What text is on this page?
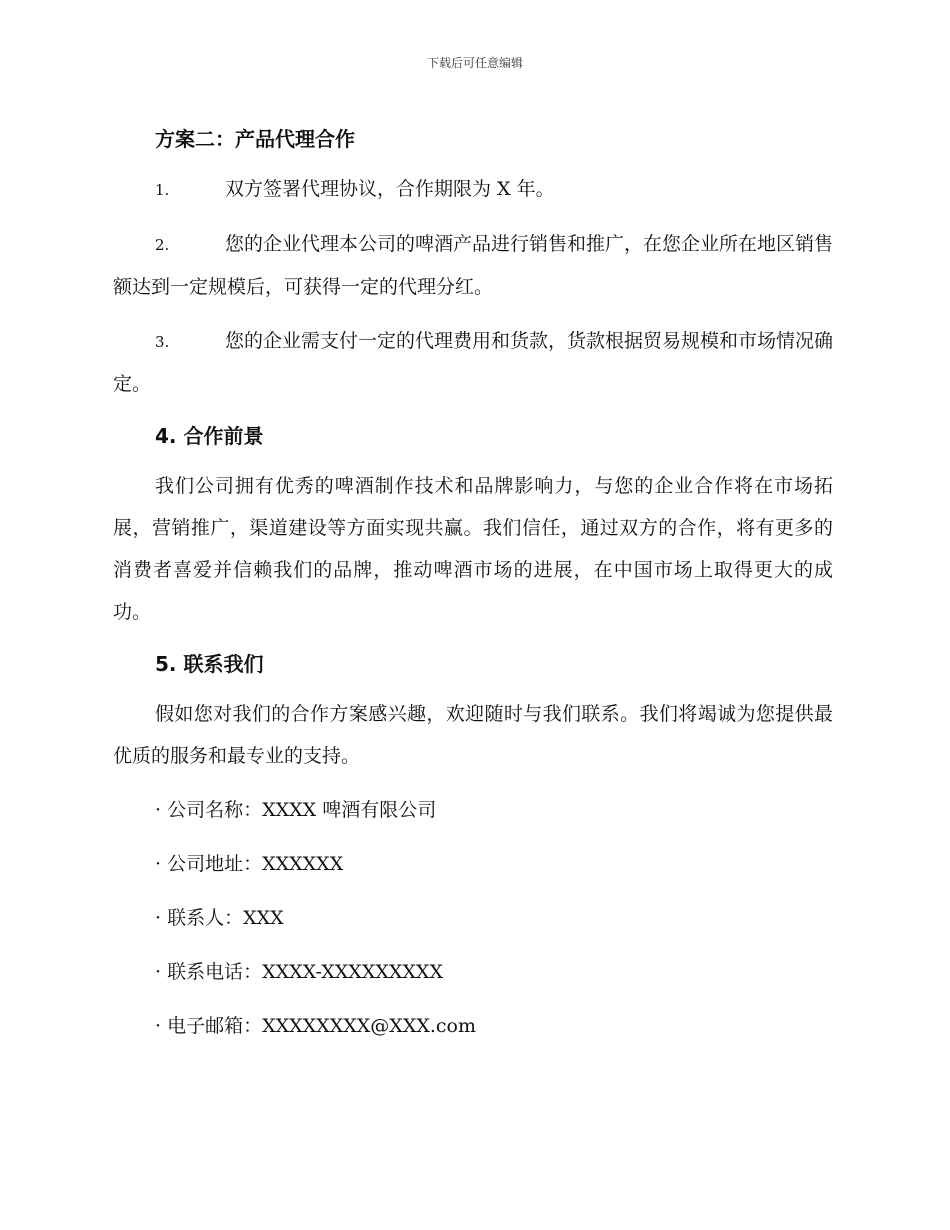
下载后可任意编辑
方案二：产品代理合作

1.	双方签署代理协议，合作期限为 X 年。

2.	您的企业代理本公司的啤酒产品进行销售和推广，在您企业所在地区销售额达到一定规模后，可获得一定的代理分红。

3.	您的企业需支付一定的代理费用和货款，货款根据贸易规模和市场情况确定。

4. 合作前景

我们公司拥有优秀的啤酒制作技术和品牌影响力，与您的企业合作将在市场拓展，营销推广，渠道建设等方面实现共赢。我们信任，通过双方的合作，将有更多的消费者喜爱并信赖我们的品牌，推动啤酒市场的进展，在中国市场上取得更大的成功。

5. 联系我们

假如您对我们的合作方案感兴趣，欢迎随时与我们联系。我们将竭诚为您提供最优质的服务和最专业的支持。

· 公司名称：XXXX 啤酒有限公司

· 公司地址：XXXXXX

· 联系人：XXX

· 联系电话：XXXX-XXXXXXXXX

· 电子邮箱：XXXXXXXX@XXX.com
